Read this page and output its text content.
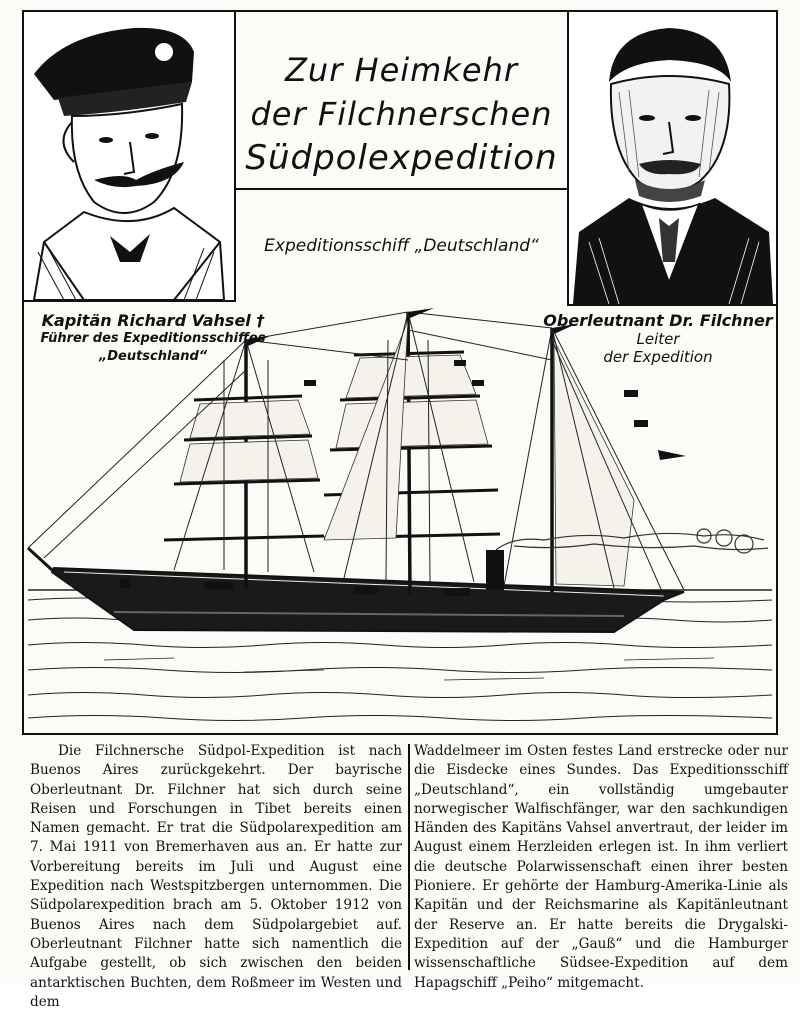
Zur Heimkehr
der Filchnerschen
Südpolexpedition
Expeditionsschiff „Deutschland“
Kapitän Richard Vahsel †
Führer des Expeditionsschiffes
„Deutschland“
Oberleutnant Dr. Filchner
Leiter
der Expedition
Die Filchnersche Südpol-Expedition ist nach Buenos Aires zurückgekehrt. Der bayrische Oberleutnant Dr. Filchner hat sich durch seine Reisen und Forschungen in Tibet bereits einen Namen gemacht. Er trat die Südpolarexpedition am 7. Mai 1911 von Bremerhaven aus an. Er hatte zur Vorbereitung bereits im Juli und August eine Expedition nach Westspitzbergen unternommen. Die Südpolarexpedition brach am 5. Oktober 1912 von Buenos Aires nach dem Südpolargebiet auf. Oberleutnant Filchner hatte sich namentlich die Aufgabe gestellt, ob sich zwischen den beiden antarktischen Buchten, dem Roßmeer im Westen und dem
Waddelmeer im Osten festes Land erstrecke oder nur die Eisdecke eines Sundes. Das Expeditionsschiff „Deutschland“, ein vollständig umgebauter norwegischer Walfischfänger, war den sachkundigen Händen des Kapitäns Vahsel anvertraut, der leider im August einem Herzleiden erlegen ist. In ihm verliert die deutsche Polarwissenschaft einen ihrer besten Pioniere. Er gehörte der Hamburg-Amerika-Linie als Kapitän und der Reichsmarine als Kapitänleutnant der Reserve an. Er hatte bereits die Drygalski-Expedition auf der „Gauß“ und die Hamburger wissenschaftliche Südsee-Expedition auf dem Hapagschiff „Peiho“ mitgemacht.
